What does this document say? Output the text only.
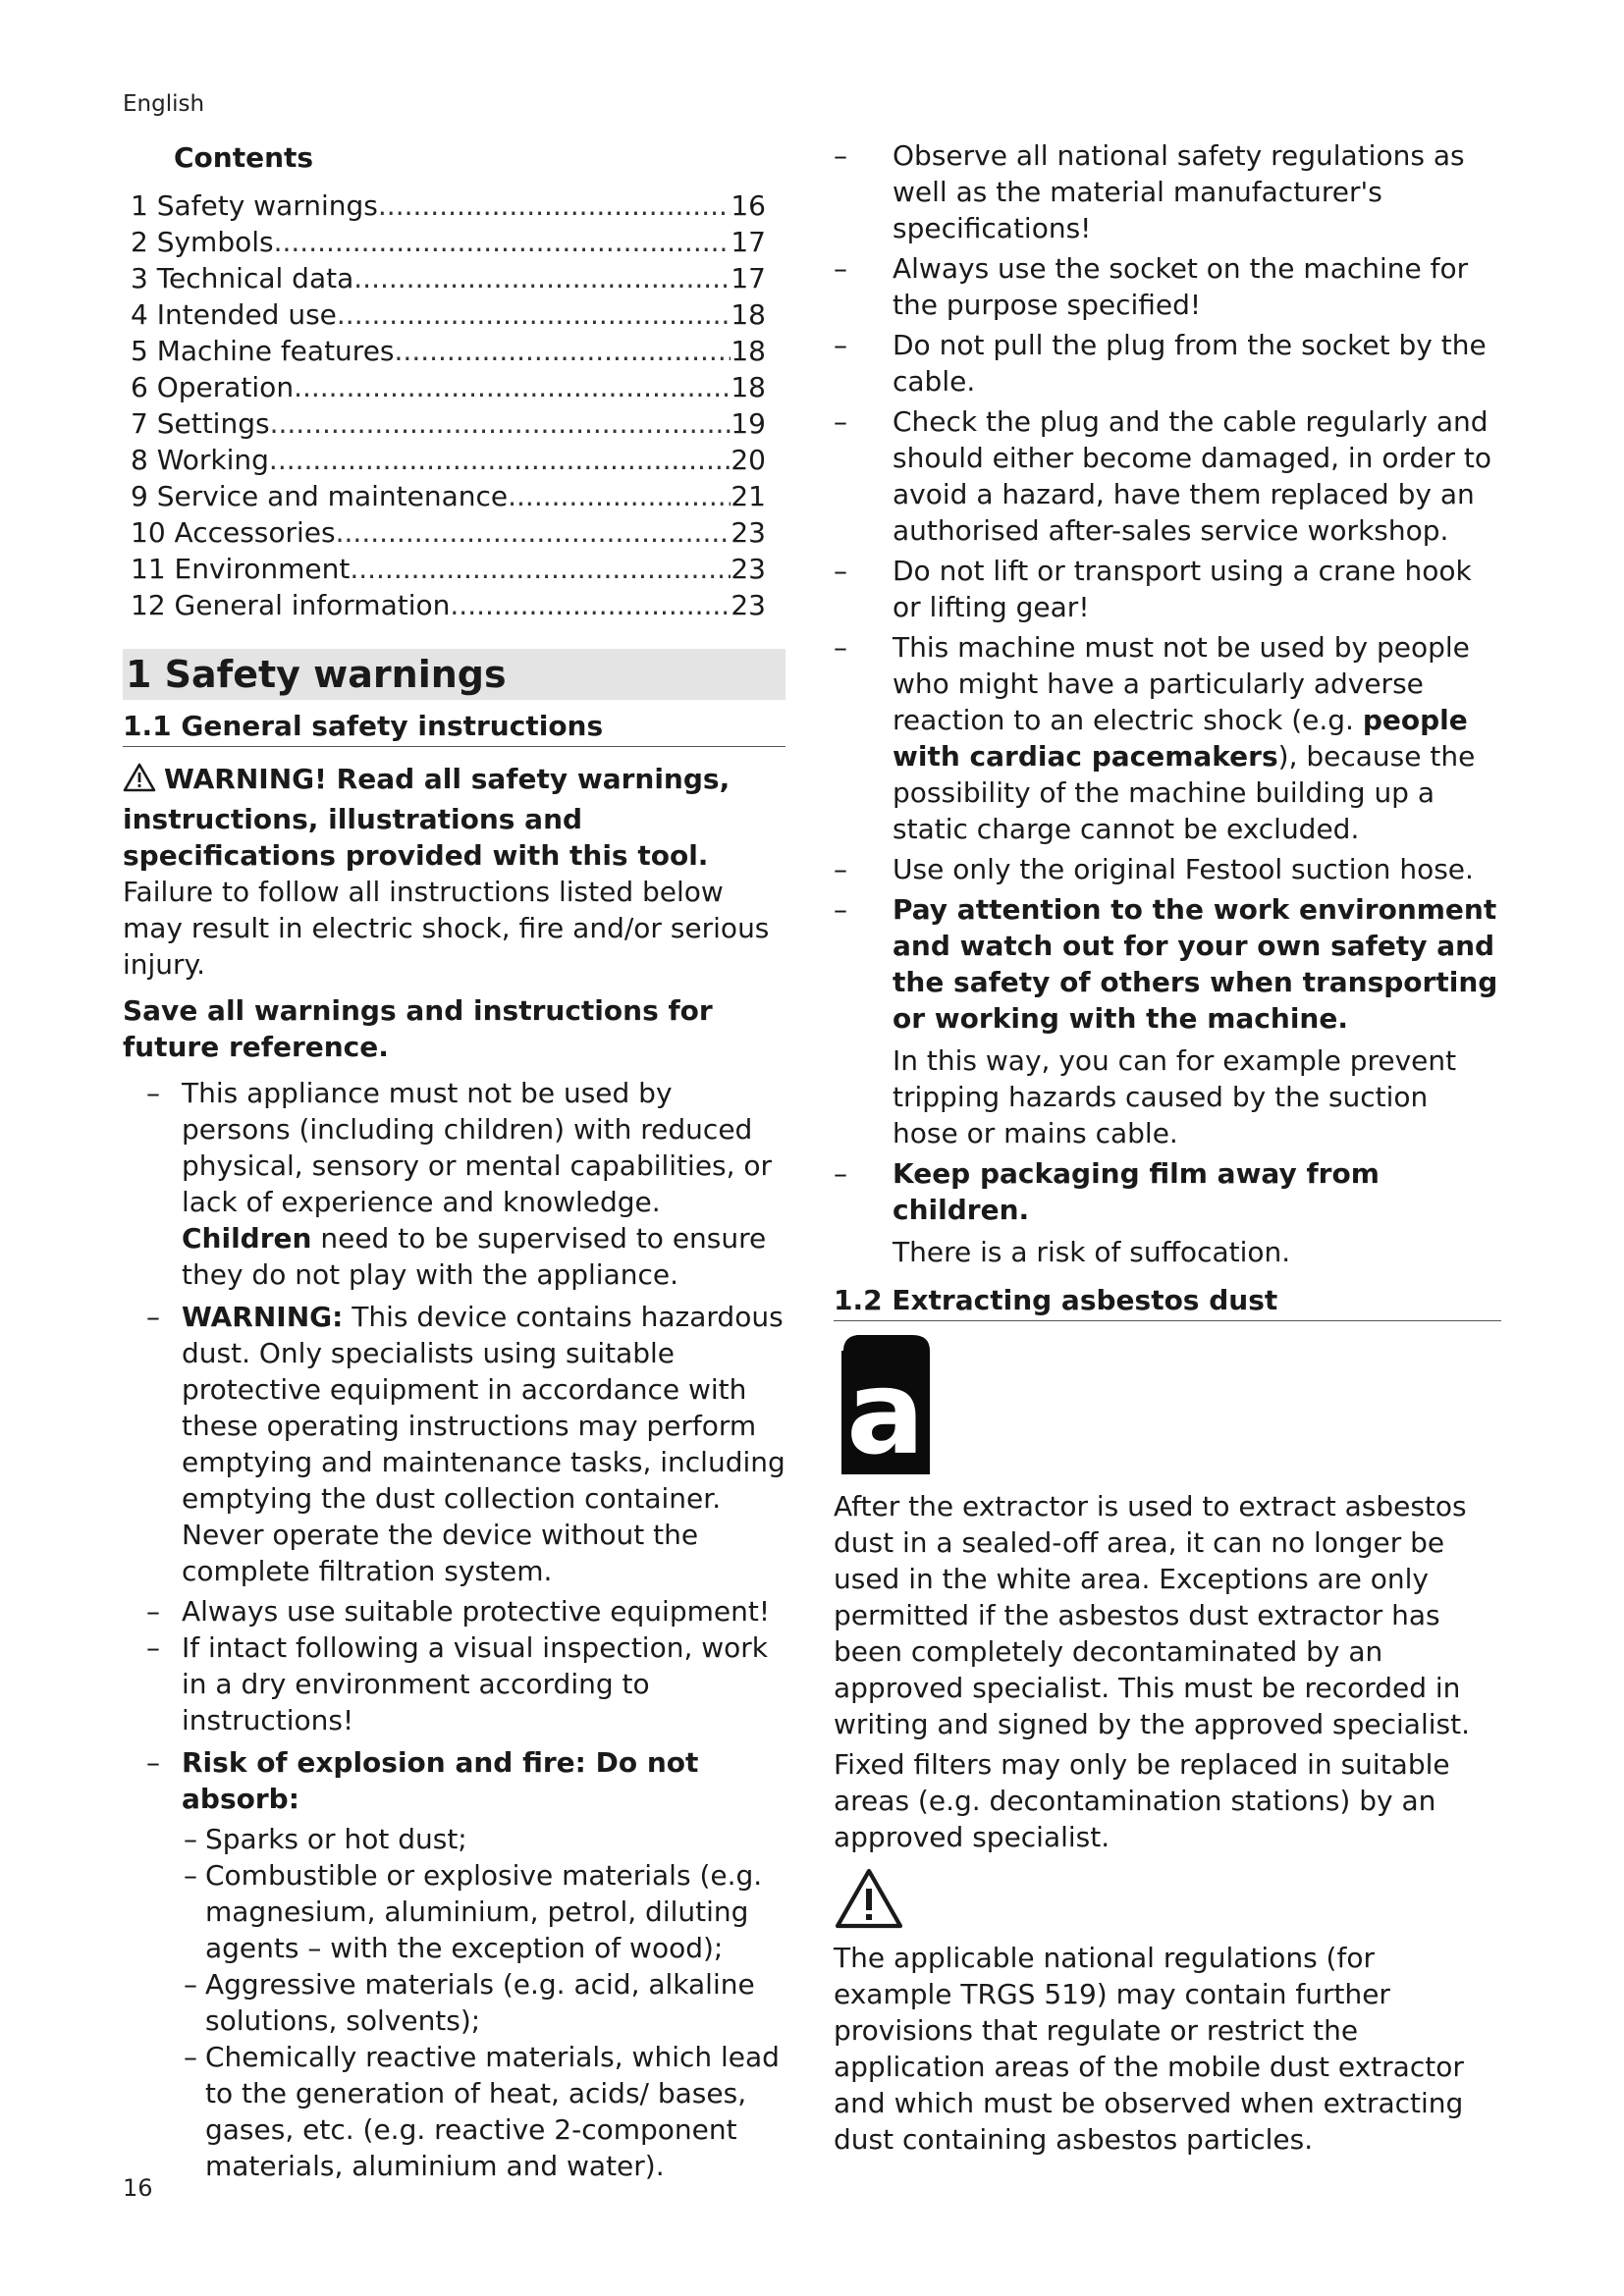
English
Contents
1 Safety warnings .....	16
2 Symbols .....	17
3 Technical data .....	17
4 Intended use .....	18
5 Machine features .....	18
6 Operation .....	18
7 Settings .....	19
8 Working .....	20
9 Service and maintenance .....	21
10 Accessories .....	23
11 Environment .....	23
12 General information .....	23
1 Safety warnings
1.1 General safety instructions

WARNING! Read all safety warnings, instructions, illustrations and specifications provided with this tool. Failure to follow all instructions listed below may result in electric shock, fire and/or serious injury.

Save all warnings and instructions for future reference.

– This appliance must not be used by persons (including children) with reduced physical, sensory or mental capabilities, or lack of experience and knowledge. Children need to be supervised to ensure they do not play with the appliance.

– WARNING: This device contains hazardous dust. Only specialists using suitable protective equipment in accordance with these operating instructions may perform emptying and maintenance tasks, including emptying the dust collection container. Never operate the device without the complete filtration system.

– Always use suitable protective equipment!

– If intact following a visual inspection, work in a dry environment according to instructions!

– Risk of explosion and fire: Do not absorb:

– Sparks or hot dust;

– Combustible or explosive materials (e.g. magnesium, aluminium, petrol, diluting agents – with the exception of wood);

– Aggressive materials (e.g. acid, alkaline solutions, solvents);

– Chemically reactive materials, which lead to the generation of heat, acids/ bases, gases, etc. (e.g. reactive 2-component materials, aluminium and water).

– Observe all national safety regulations as well as the material manufacturer's specifications!

– Always use the socket on the machine for the purpose specified!

– Do not pull the plug from the socket by the cable.

– Check the plug and the cable regularly and should either become damaged, in order to avoid a hazard, have them replaced by an authorised after-sales service workshop.

– Do not lift or transport using a crane hook or lifting gear!

– This machine must not be used by people who might have a particularly adverse reaction to an electric shock (e.g. people with cardiac pacemakers), because the possibility of the machine building up a static charge cannot be excluded.

– Use only the original Festool suction hose.

– Pay attention to the work environment and watch out for your own safety and the safety of others when transporting or working with the machine.

In this way, you can for example prevent tripping hazards caused by the suction hose or mains cable.

– Keep packaging film away from children.

There is a risk of suffocation.

1.2 Extracting asbestos dust
a

After the extractor is used to extract asbestos dust in a sealed-off area, it can no longer be used in the white area. Exceptions are only permitted if the asbestos dust extractor has been completely decontaminated by an approved specialist. This must be recorded in writing and signed by the approved specialist.

Fixed filters may only be replaced in suitable areas (e.g. decontamination stations) by an approved specialist.

The applicable national regulations (for example TRGS 519) may contain further provisions that regulate or restrict the application areas of the mobile dust extractor and which must be observed when extracting dust containing asbestos particles.

16
